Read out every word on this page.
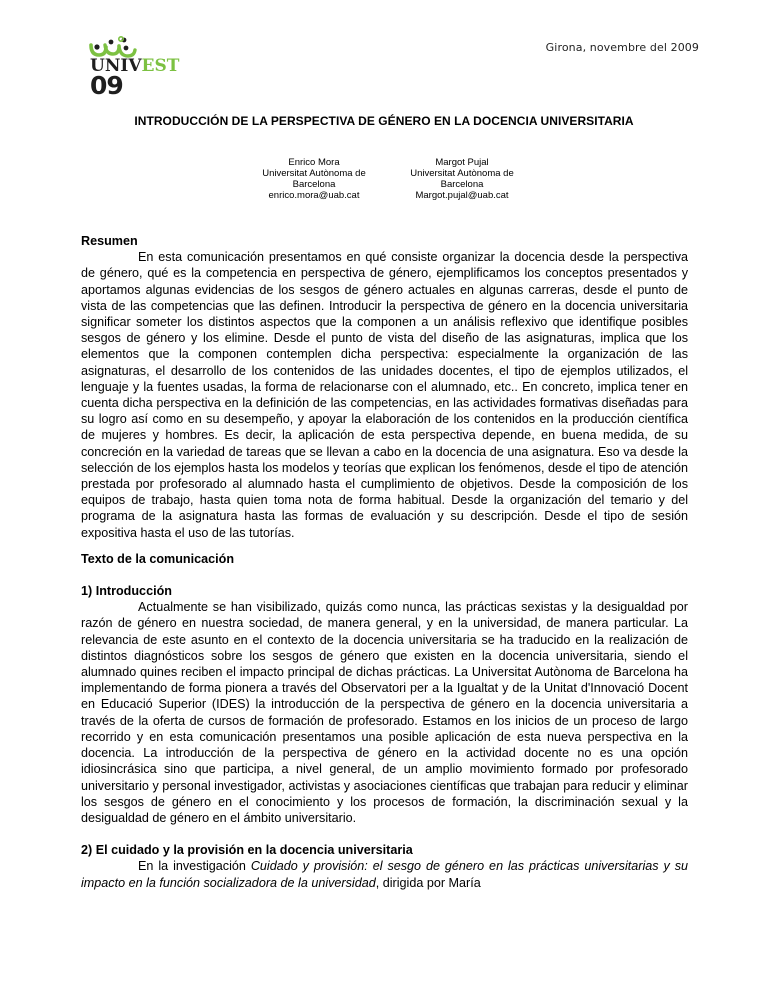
UNIVEST
09
Girona, novembre del 2009
INTRODUCCIÓN DE LA PERSPECTIVA DE GÉNERO EN LA DOCENCIA UNIVERSITARIA
Enrico Mora
Universitat Autònoma de
Barcelona
enrico.mora@uab.cat
Margot Pujal
Universitat Autònoma de
Barcelona
Margot.pujal@uab.cat
Resumen

En esta comunicación presentamos en qué consiste organizar la docencia desde la perspectiva de género, qué es la competencia en perspectiva de género, ejemplificamos los conceptos presentados y aportamos algunas evidencias de los sesgos de género actuales en algunas carreras, desde el punto de vista de las competencias que las definen. Introducir la perspectiva de género en la docencia universitaria significar someter los distintos aspectos que la componen a un análisis reflexivo que identifique posibles sesgos de género y los elimine. Desde el punto de vista del diseño de las asignaturas, implica que los elementos que la componen contemplen dicha perspectiva: especialmente la organización de las asignaturas, el desarrollo de los contenidos de las unidades docentes, el tipo de ejemplos utilizados, el lenguaje y la fuentes usadas, la forma de relacionarse con el alumnado, etc.. En concreto, implica tener en cuenta dicha perspectiva en la definición de las competencias, en las actividades formativas diseñadas para su logro así como en su desempeño, y apoyar la elaboración de los contenidos en la producción científica de mujeres y hombres. Es decir, la aplicación de esta perspectiva depende, en buena medida, de su concreción en la variedad de tareas que se llevan a cabo en la docencia de una asignatura. Eso va desde la selección de los ejemplos hasta los modelos y teorías que explican los fenómenos, desde el tipo de atención prestada por profesorado al alumnado hasta el cumplimiento de objetivos. Desde la composición de los equipos de trabajo, hasta quien toma nota de forma habitual. Desde la organización del temario y del programa de la asignatura hasta las formas de evaluación y su descripción. Desde el tipo de sesión expositiva hasta el uso de las tutorías.

Texto de la comunicación
1) Introducción

Actualmente se han visibilizado, quizás como nunca, las prácticas sexistas y la desigualdad por razón de género en nuestra sociedad, de manera general, y en la universidad, de manera particular. La relevancia de este asunto en el contexto de la docencia universitaria se ha traducido en la realización de distintos diagnósticos sobre los sesgos de género que existen en la docencia universitaria, siendo el alumnado quines reciben el impacto principal de dichas prácticas. La Universitat Autònoma de Barcelona ha implementando de forma pionera a través del Observatori per a la Igualtat y de la Unitat d'Innovació Docent en Educació Superior (IDES) la introducción de la perspectiva de género en la docencia universitaria a través de la oferta de cursos de formación de profesorado. Estamos en los inicios de un proceso de largo recorrido y en esta comunicación presentamos una posible aplicación de esta nueva perspectiva en la docencia. La introducción de la perspectiva de género en la actividad docente no es una opción idiosincrásica sino que participa, a nivel general, de un amplio movimiento formado por profesorado universitario y personal investigador, activistas y asociaciones científicas que trabajan para reducir y eliminar los sesgos de género en el conocimiento y los procesos de formación, la discriminación sexual y la desigualdad de género en el ámbito universitario.

2) El cuidado y la provisión en la docencia universitaria

En la investigación Cuidado y provisión: el sesgo de género en las prácticas universitarias y su impacto en la función socializadora de la universidad, dirigida por María
